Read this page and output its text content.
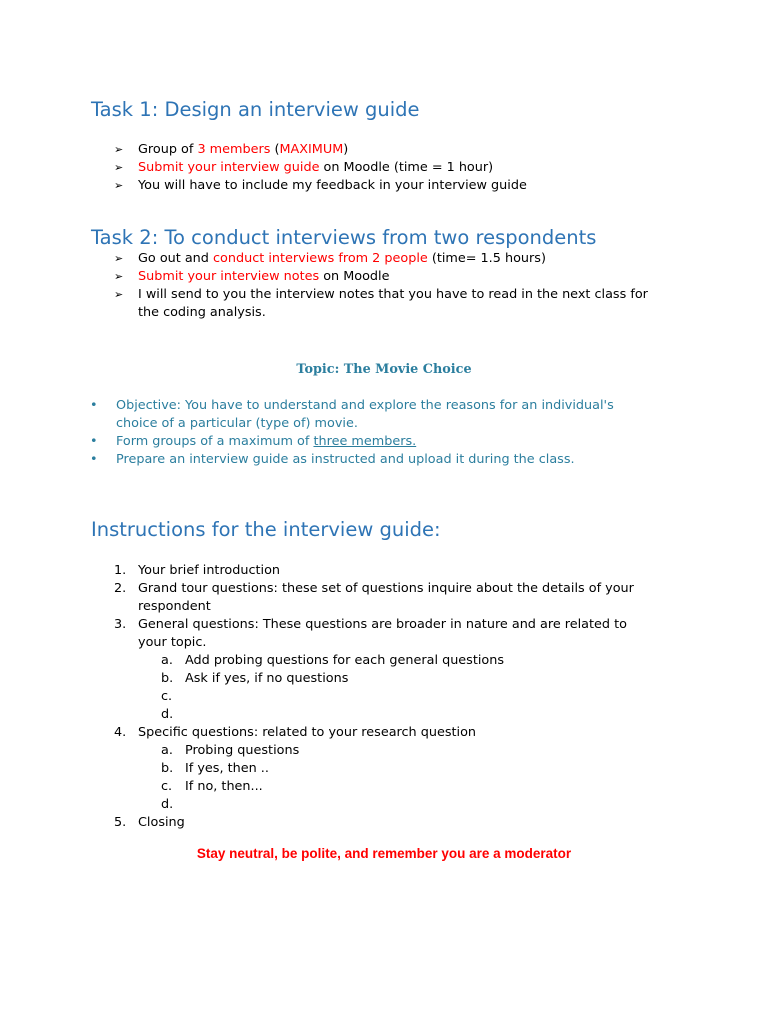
Task 1: Design an interview guide
➢ Group of 3 members (MAXIMUM)
➢ Submit your interview guide on Moodle (time = 1 hour)
➢ You will have to include my feedback in your interview guide
Task 2: To conduct interviews from two respondents
➢ Go out and conduct interviews from 2 people (time= 1.5 hours)
➢ Submit your interview notes on Moodle
➢ I will send to you the interview notes that you have to read in the next class for the coding analysis.
Topic: The Movie Choice
• Objective: You have to understand and explore the reasons for an individual's choice of a particular (type of) movie.
• Form groups of a maximum of three members.
• Prepare an interview guide as instructed and upload it during the class.
Instructions for the interview guide:
1. Your brief introduction
2. Grand tour questions: these set of questions inquire about the details of your respondent
3. General questions: These questions are broader in nature and are related to your topic.
a. Add probing questions for each general questions
b. Ask if yes, if no questions
c.
d.
4. Specific questions: related to your research question
a. Probing questions
b. If yes, then ..
c. If no, then...
d.
5. Closing
Stay neutral, be polite, and remember you are a moderator
